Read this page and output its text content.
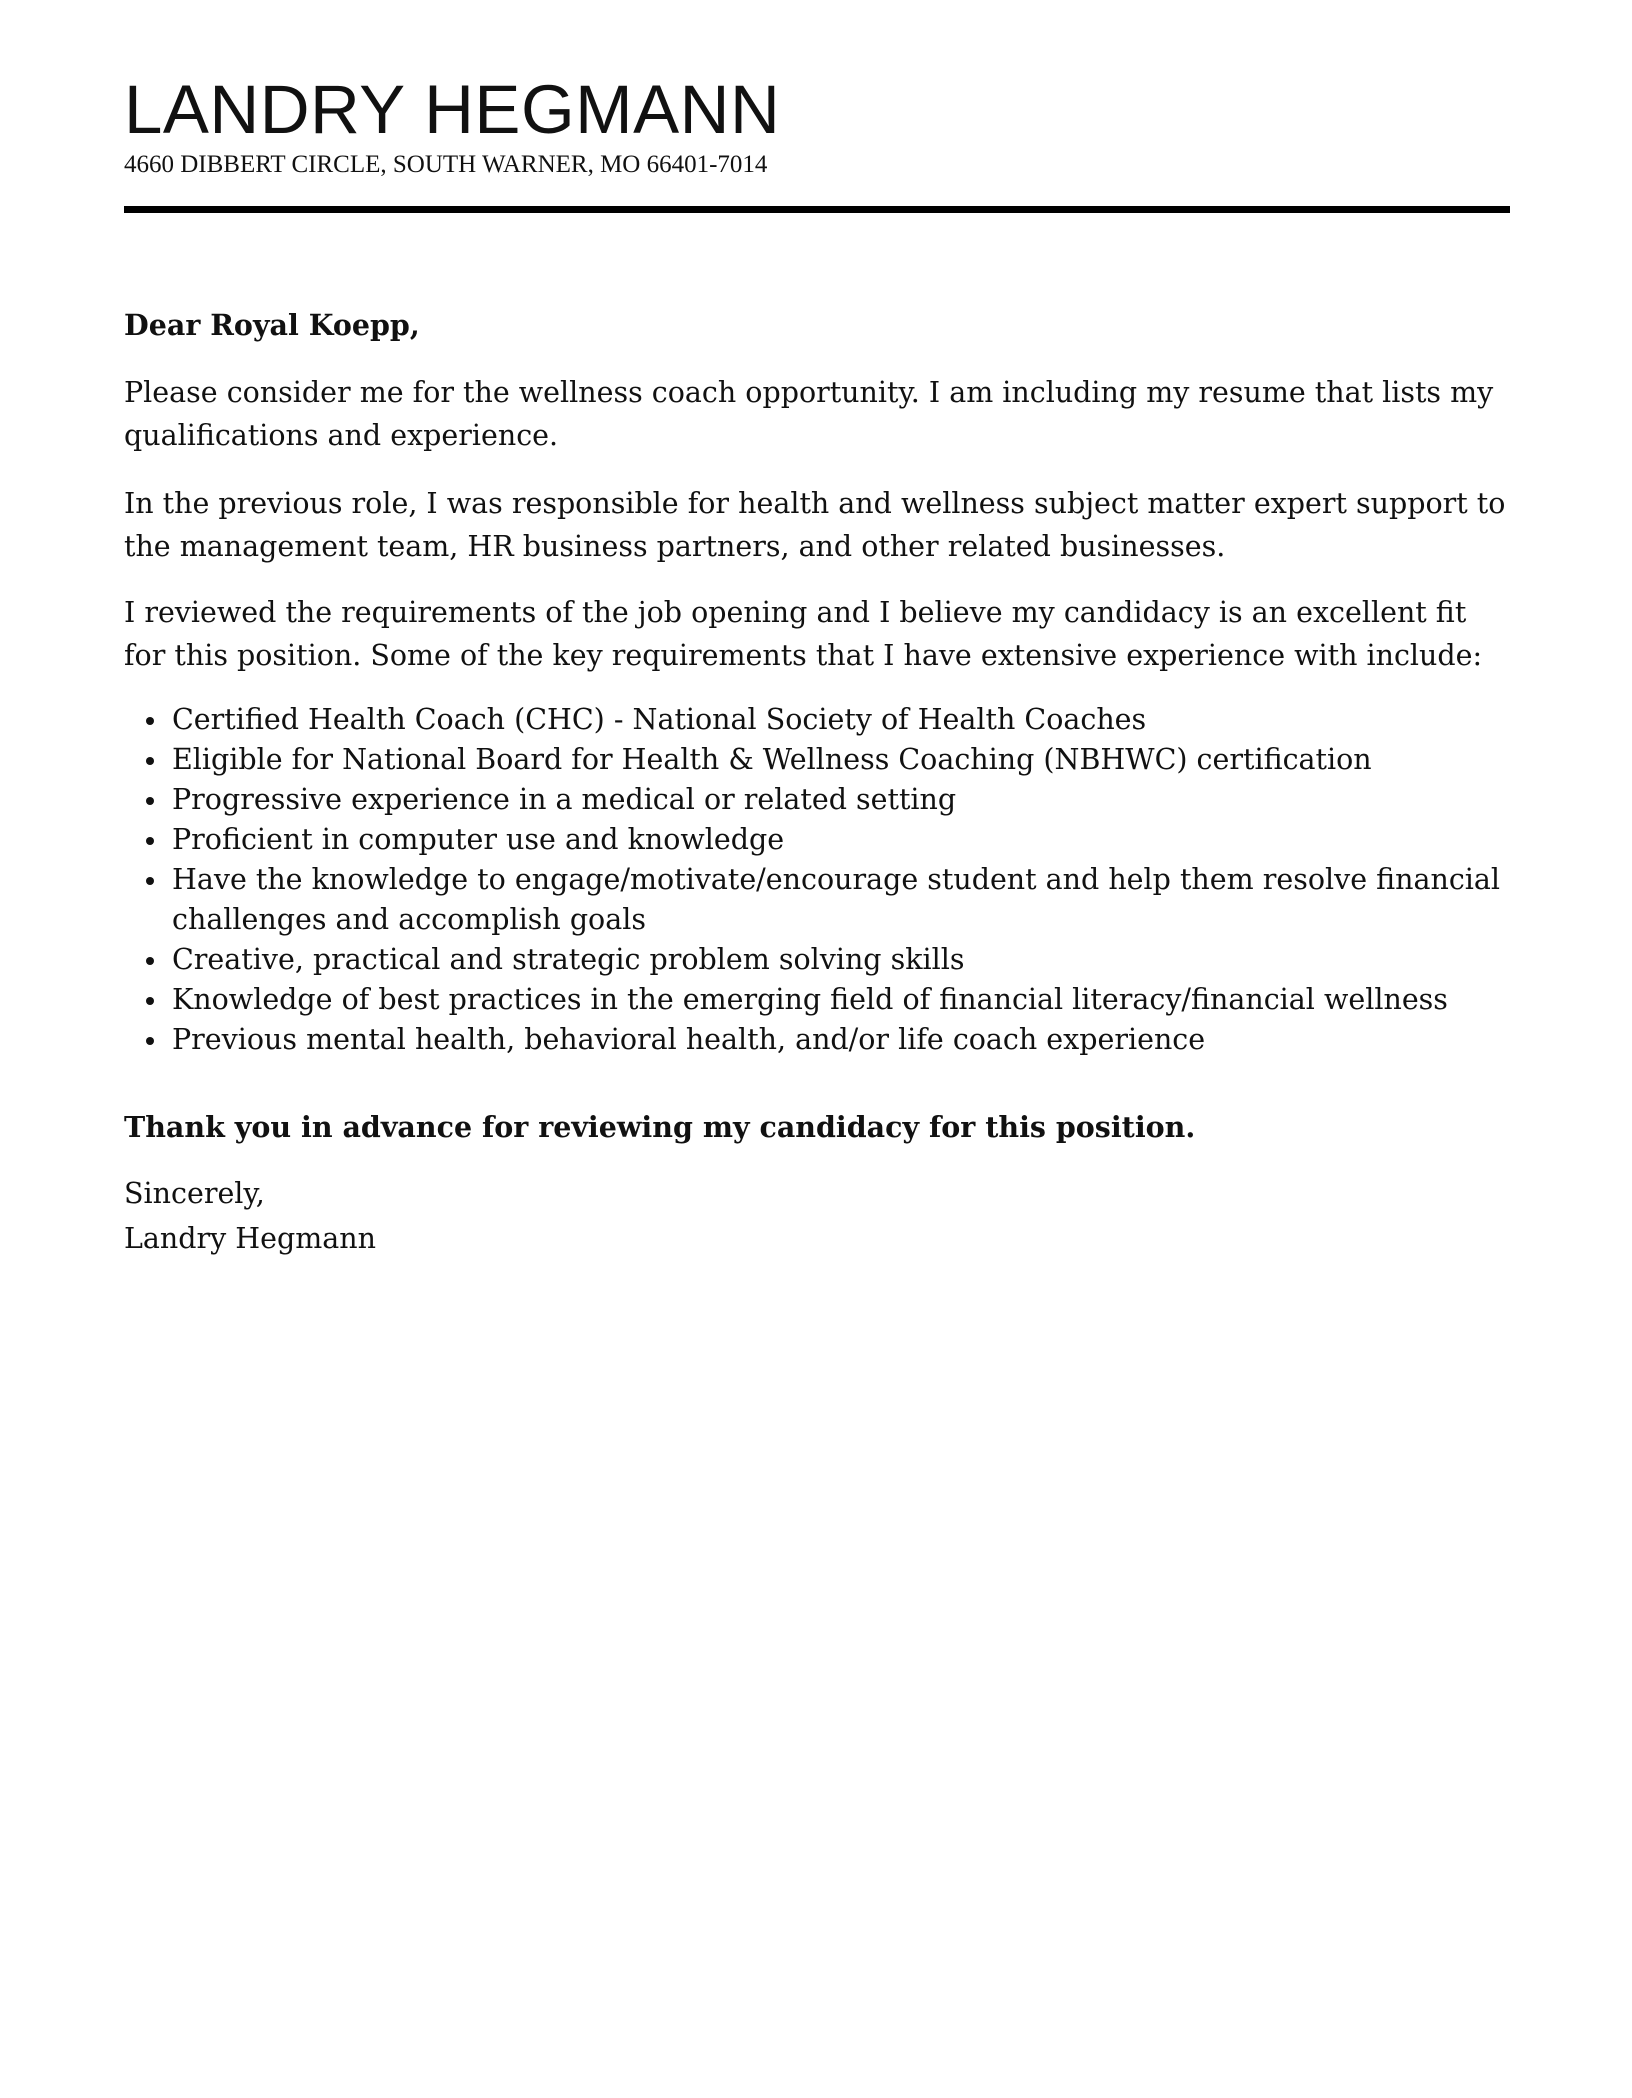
LANDRY HEGMANN
4660 DIBBERT CIRCLE, SOUTH WARNER, MO 66401-7014

Dear Royal Koepp,

Please consider me for the wellness coach opportunity. I am including my resume that lists my qualifications and experience.

In the previous role, I was responsible for health and wellness subject matter expert support to the management team, HR business partners, and other related businesses.

I reviewed the requirements of the job opening and I believe my candidacy is an excellent fit for this position. Some of the key requirements that I have extensive experience with include:

Certified Health Coach (CHC) - National Society of Health Coaches
Eligible for National Board for Health & Wellness Coaching (NBHWC) certification
Progressive experience in a medical or related setting
Proficient in computer use and knowledge
Have the knowledge to engage/motivate/encourage student and help them resolve financial challenges and accomplish goals
Creative, practical and strategic problem solving skills
Knowledge of best practices in the emerging field of financial literacy/financial wellness
Previous mental health, behavioral health, and/or life coach experience

Thank you in advance for reviewing my candidacy for this position.

Sincerely,

Landry Hegmann
